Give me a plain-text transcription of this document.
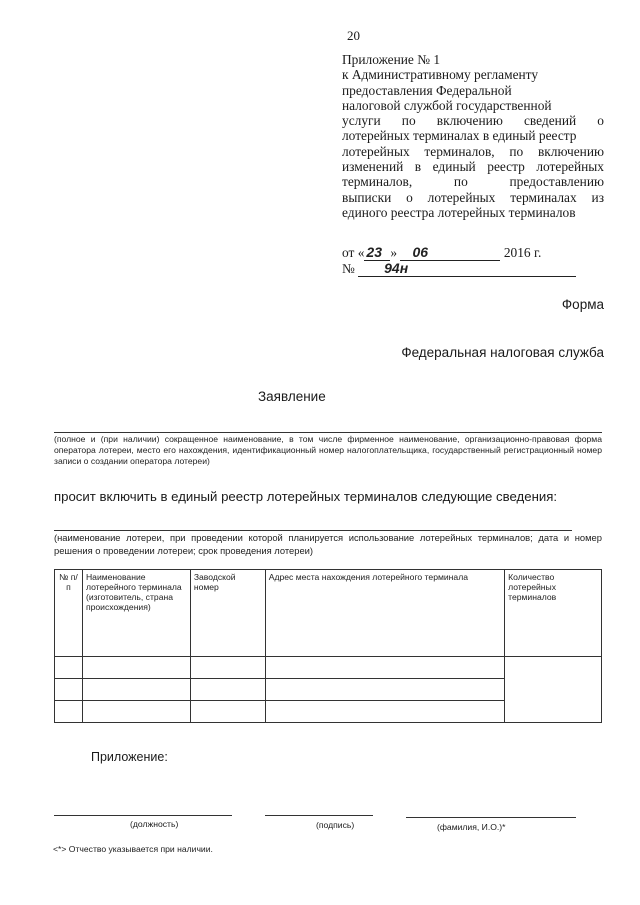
20
Приложение № 1
к Административному регламенту
предоставления Федеральной
налоговой службой государственной
услуги по включению сведений о
лотерейных терминалах в единый реестр
лотерейных терминалов, по включению
изменений в единый реестр лотерейных
терминалов, по предоставлению
выписки о лотерейных терминалах из
единого реестра лотерейных терминалов
от « 23 » 06	2016 г.
№ 94н
Форма
Федеральная налоговая служба
Заявление
(полное и (при наличии) сокращенное наименование, в том числе фирменное наименование, организационно-правовая форма оператора лотереи, место его нахождения, идентификационный номер налогоплательщика, государственный регистрационный номер записи о создании оператора лотереи)
просит включить в единый реестр лотерейных терминалов следующие сведения:
(наименование лотереи, при проведении которой планируется использование лотерейных терминалов; дата и номер решения о проведении лотереи; срок проведения лотереи)
№ п/п	Наименование лотерейного терминала (изготовитель, страна происхождения)	Заводской номер	Адрес места нахождения лотерейного терминала	Количество лотерейных терминалов

Приложение:
(должность)	(подпись)	(фамилия, И.О.)*
<*> Отчество указывается при наличии.
